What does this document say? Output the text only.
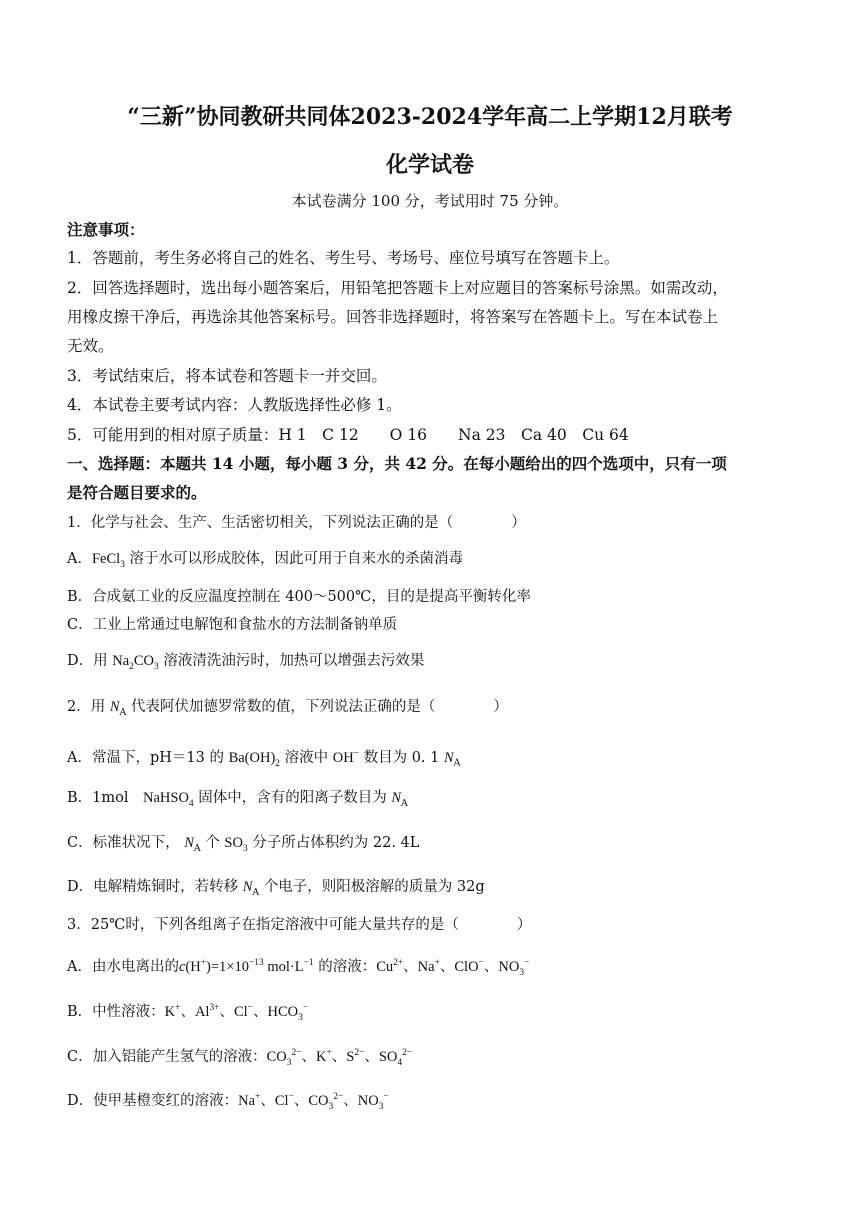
“三新”协同教研共同体2023-2024学年高二上学期12月联考
化学试卷
本试卷满分 100 分，考试用时 75 分钟。
注意事项：
1．答题前，考生务必将自己的姓名、考生号、考场号、座位号填写在答题卡上。
2．回答选择题时，选出每小题答案后，用铅笔把答题卡上对应题目的答案标号涂黑。如需改动，
用橡皮擦干净后，再选涂其他答案标号。回答非选择题时，将答案写在答题卡上。写在本试卷上
无效。
3．考试结束后，将本试卷和答题卡一并交回。
4．本试卷主要考试内容：人教版选择性必修 1。
5．可能用到的相对原子质量：H 1　C 12　　O 16　　Na 23　Ca 40　Cu 64
一、选择题：本题共 14 小题，每小题 3 分，共 42 分。在每小题给出的四个选项中，只有一项
是符合题目要求的。
1．化学与社会、生产、生活密切相关，下列说法正确的是（　　　　）
A．FeCl$_3$ 溶于水可以形成胶体，因此可用于自来水的杀菌消毒
B．合成氨工业的反应温度控制在 400～500℃，目的是提高平衡转化率
C．工业上常通过电解饱和食盐水的方法制备钠单质
D．用 $Na_2CO_3$ 溶液清洗油污时，加热可以增强去污效果
2．用 $N_A$ 代表阿伏加德罗常数的值，下列说法正确的是（　　　　）
A．常温下，pH＝13 的 $Ba(OH)_2$ 溶液中 OH− 数目为 0. 1 $N_A$
B．1mol　 NaHSO$_4$ 固体中，含有的阳离子数目为 $N_A$
C．标准状况下， $N_A$ 个 $SO_3$ 分子所占体积约为 22. 4L
D．电解精炼铜时，若转移 $N_A$ 个电子，则阳极溶解的质量为 32g
3．25℃时，下列各组离子在指定溶液中可能大量共存的是（　　　　）
A．由水电离出的$c(H^+)=1\times 10^{-13}$ $mol\cdot L^{-1}$ 的溶液：$Cu^{2+}$、Na+、ClO−、$NO_3^-$
B．中性溶液：K+、$Al^{3+}$、Cl−、$HCO_3^-$
C．加入铝能产生氢气的溶液：$CO_3^{2-}$、K+、$S^{2-}$、$SO_4^{2-}$
D．使甲基橙变红的溶液：Na+、Cl−、$CO_3^{2-}$、$NO_3^-$
